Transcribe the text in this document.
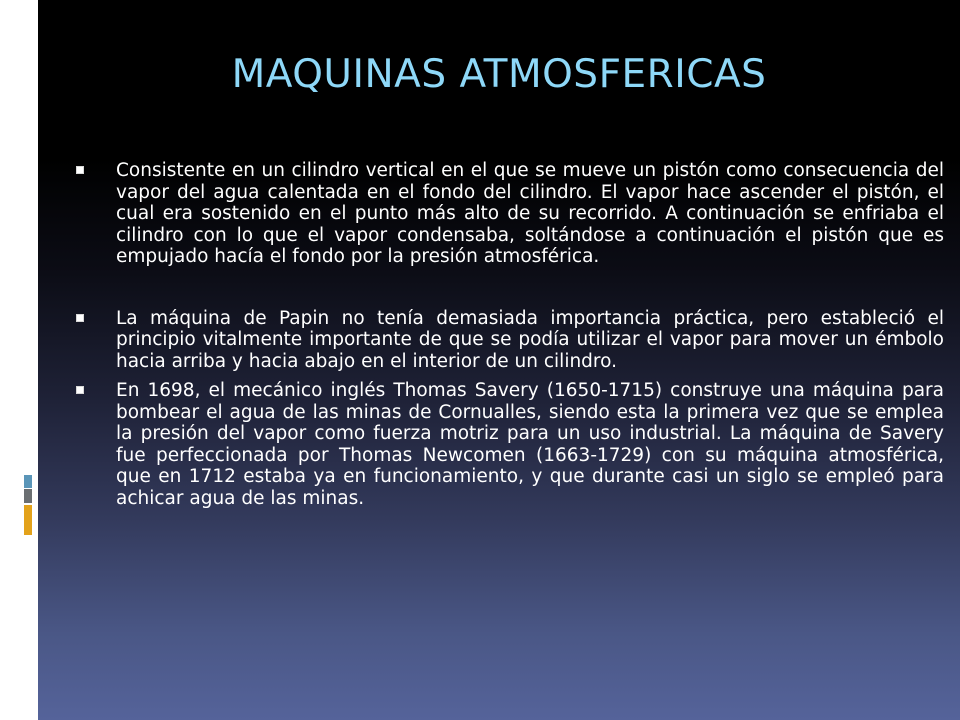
MAQUINAS ATMOSFERICAS

Consistente en un cilindro vertical en el que se mueve un pistón como consecuencia del vapor del agua calentada en el fondo del cilindro. El vapor hace ascender el pistón, el cual era sostenido en el punto más alto de su recorrido. A continuación se enfriaba el cilindro con lo que el vapor condensaba, soltándose a continuación el pistón que es empujado hacía el fondo por la presión atmosférica.

La máquina de Papin no tenía demasiada importancia práctica, pero estableció el principio vitalmente importante de que se podía utilizar el vapor para mover un émbolo hacia arriba y hacia abajo en el interior de un cilindro.

En 1698, el mecánico inglés Thomas Savery (1650-1715) construye una máquina para bombear el agua de las minas de Cornualles, siendo esta la primera vez que se emplea la presión del vapor como fuerza motriz para un uso industrial. La máquina de Savery fue perfeccionada por Thomas Newcomen (1663-1729) con su máquina atmosférica, que en 1712 estaba ya en funcionamiento, y que durante casi un siglo se empleó para achicar agua de las minas.
